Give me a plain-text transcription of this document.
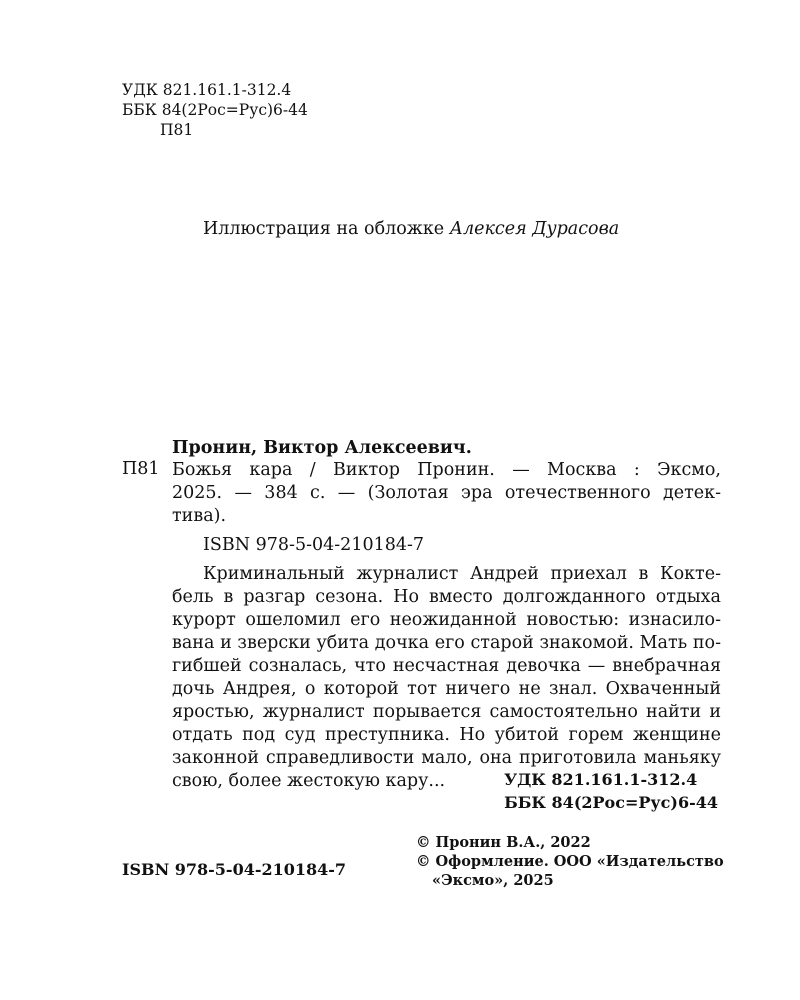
УДК 821.161.1-312.4
ББК 84(2Рос=Рус)6-44
П81
Иллюстрация на обложке Алексея Дурасова
Пронин, Виктор Алексеевич.
П81 Божья кара / Виктор Пронин. — Москва : Эксмо,
2025. — 384 с. — (Золотая эра отечественного детек-
тива).
ISBN 978-5-04-210184-7
Криминальный журналист Андрей приехал в Коктe-
бель в разгар сезона. Но вместо долгожданного отдыха
курорт ошеломил его неожиданной новостью: изнасило-
вана и зверски убита дочка его старой знакомой. Мать по-
гибшей созналась, что несчастная девочка — внебрачная
дочь Андрея, о которой тот ничего не знал. Охваченный
яростью, журналист порывается самостоятельно найти и
отдать под суд преступника. Но убитой горем женщине
законной справедливости мало, она приготовила маньяку
свою, более жестокую кару...	УДК 821.161.1-312.4
ББК 84(2Рос=Рус)6-44
ISBN 978-5-04-210184-7
© Пронин В.А., 2022
© Оформление. ООО «Издательство
«Эксмо», 2025
